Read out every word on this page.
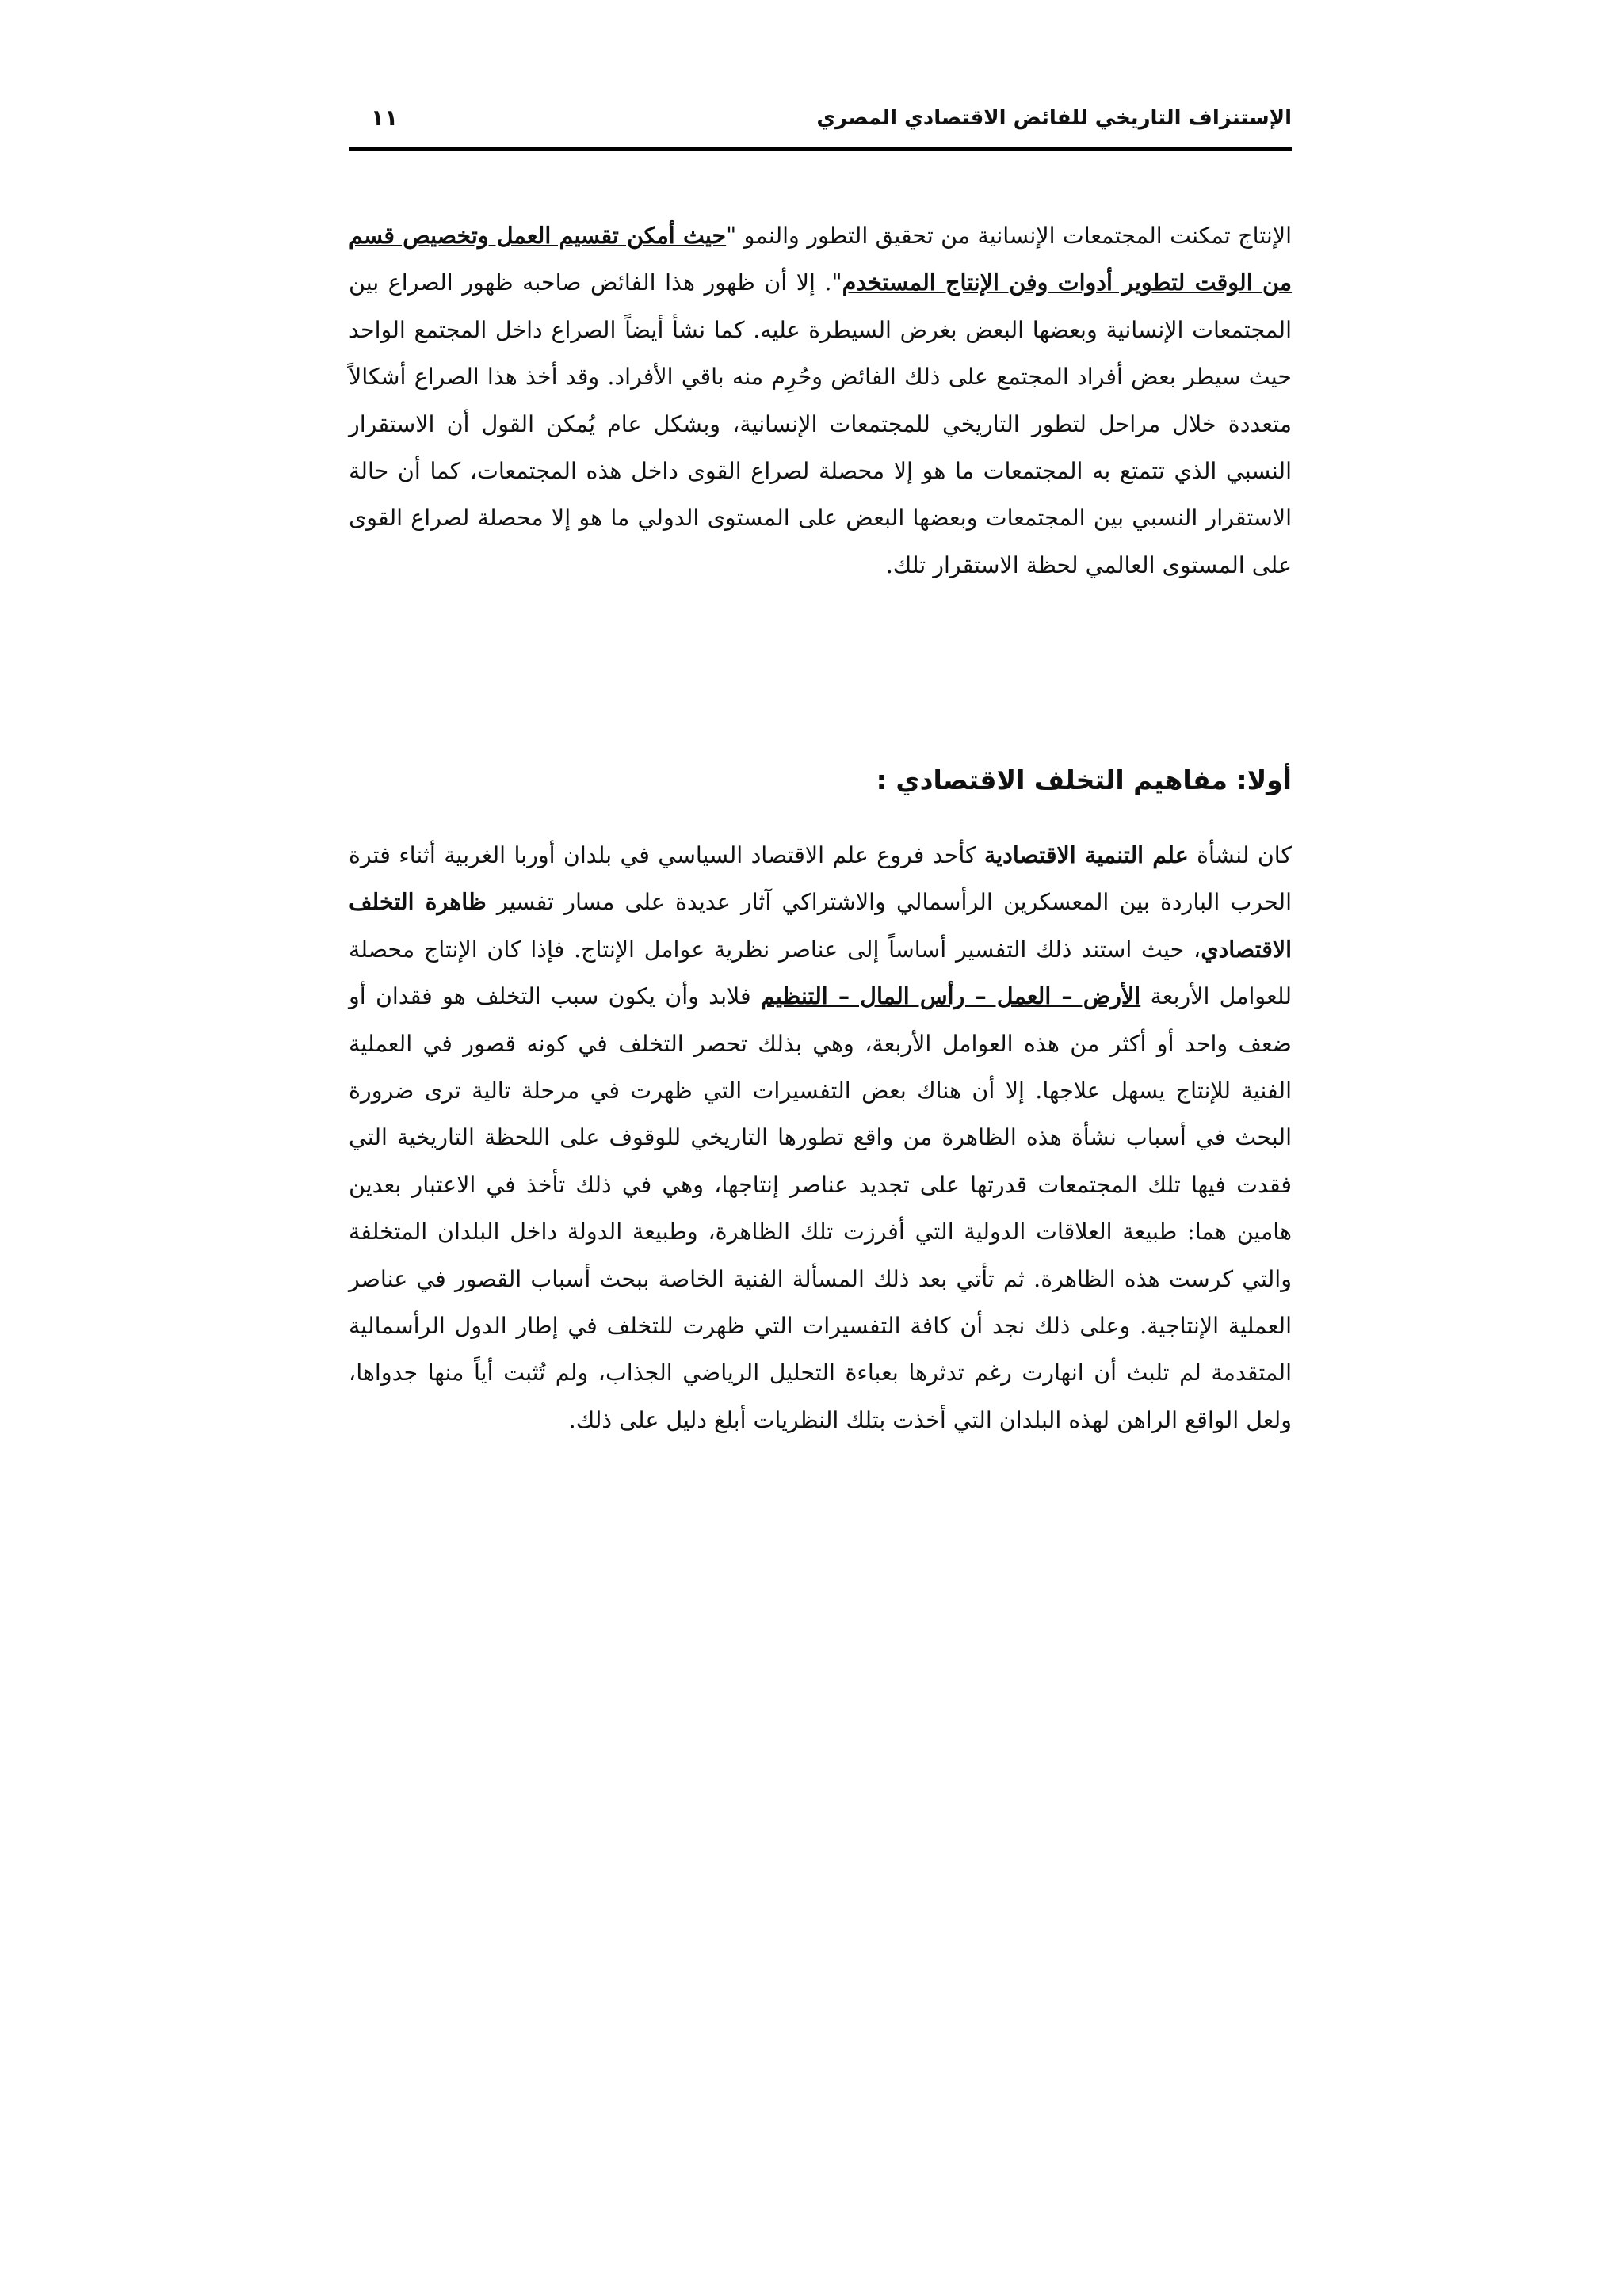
الإستنزاف التاريخي للفائض الاقتصادي المصري
١١
الإنتاج تمكنت المجتمعات الإنسانية من تحقيق التطور والنمو "حيث أمكن تقسيم العمل وتخصيص قسم من الوقت لتطوير أدوات وفن الإنتاج المستخدم". إلا أن ظهور هذا الفائض صاحبه ظهور الصراع بين المجتمعات الإنسانية وبعضها البعض بغرض السيطرة عليه. كما نشأ أيضاً الصراع داخل المجتمع الواحد حيث سيطر بعض أفراد المجتمع على ذلك الفائض وحُرِم منه باقي الأفراد. وقد أخذ هذا الصراع أشكالاً متعددة خلال مراحل لتطور التاريخي للمجتمعات الإنسانية، وبشكل عام يُمكن القول أن الاستقرار النسبي الذي تتمتع به المجتمعات ما هو إلا محصلة لصراع القوى داخل هذه المجتمعات، كما أن حالة الاستقرار النسبي بين المجتمعات وبعضها البعض على المستوى الدولي ما هو إلا محصلة لصراع القوى على المستوى العالمي لحظة الاستقرار تلك.
أولا: مفاهيم التخلف الاقتصادي :
كان لنشأة علم التنمية الاقتصادية كأحد فروع علم الاقتصاد السياسي في بلدان أوربا الغربية أثناء فترة الحرب الباردة بين المعسكرين الرأسمالي والاشتراكي آثار عديدة على مسار تفسير ظاهرة التخلف الاقتصادي، حيث استند ذلك التفسير أساساً إلى عناصر نظرية عوامل الإنتاج. فإذا كان الإنتاج محصلة للعوامل الأربعة الأرض – العمل – رأس المال – التنظيم فلابد وأن يكون سبب التخلف هو فقدان أو ضعف واحد أو أكثر من هذه العوامل الأربعة، وهي بذلك تحصر التخلف في كونه قصور في العملية الفنية للإنتاج يسهل علاجها. إلا أن هناك بعض التفسيرات التي ظهرت في مرحلة تالية ترى ضرورة البحث في أسباب نشأة هذه الظاهرة من واقع تطورها التاريخي للوقوف على اللحظة التاريخية التي فقدت فيها تلك المجتمعات قدرتها على تجديد عناصر إنتاجها، وهي في ذلك تأخذ في الاعتبار بعدين هامين هما: طبيعة العلاقات الدولية التي أفرزت تلك الظاهرة، وطبيعة الدولة داخل البلدان المتخلفة والتي كرست هذه الظاهرة. ثم تأتي بعد ذلك المسألة الفنية الخاصة ببحث أسباب القصور في عناصر العملية الإنتاجية. وعلى ذلك نجد أن كافة التفسيرات التي ظهرت للتخلف في إطار الدول الرأسمالية المتقدمة لم تلبث أن انهارت رغم تدثرها بعباءة التحليل الرياضي الجذاب، ولم تُثبت أياً منها جدواها، ولعل الواقع الراهن لهذه البلدان التي أخذت بتلك النظريات أبلغ دليل على ذلك.
